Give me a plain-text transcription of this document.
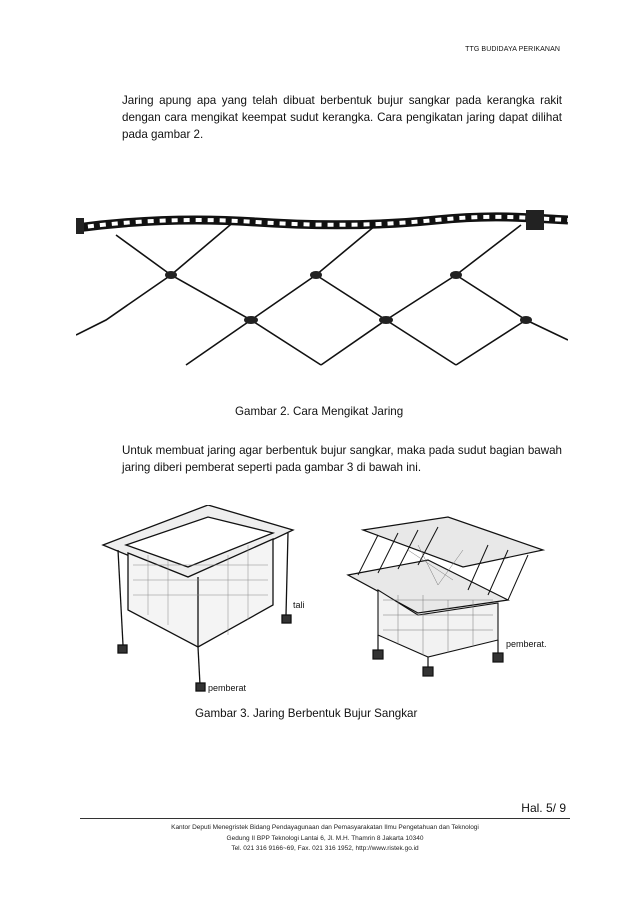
TTG BUDIDAYA PERIKANAN
Jaring apung apa yang telah dibuat berbentuk bujur sangkar pada kerangka rakit dengan cara mengikat keempat sudut kerangka. Cara pengikatan jaring dapat dilihat pada gambar 2.
Gambar 2. Cara Mengikat Jaring
Untuk membuat jaring agar berbentuk bujur sangkar, maka pada sudut bagian bawah jaring diberi pemberat seperti pada gambar 3 di bawah ini.
tali
pemberat
pemberat.
Gambar 3. Jaring Berbentuk Bujur Sangkar
Hal. 5/ 9
Kantor Deputi Menegristek Bidang Pendayagunaan dan Pemasyarakatan Ilmu Pengetahuan dan Teknologi
Gedung II BPP Teknologi Lantai 6, Jl. M.H. Thamrin 8 Jakarta 10340
Tel. 021 316 9166~69, Fax. 021 316 1952, http://www.ristek.go.id
